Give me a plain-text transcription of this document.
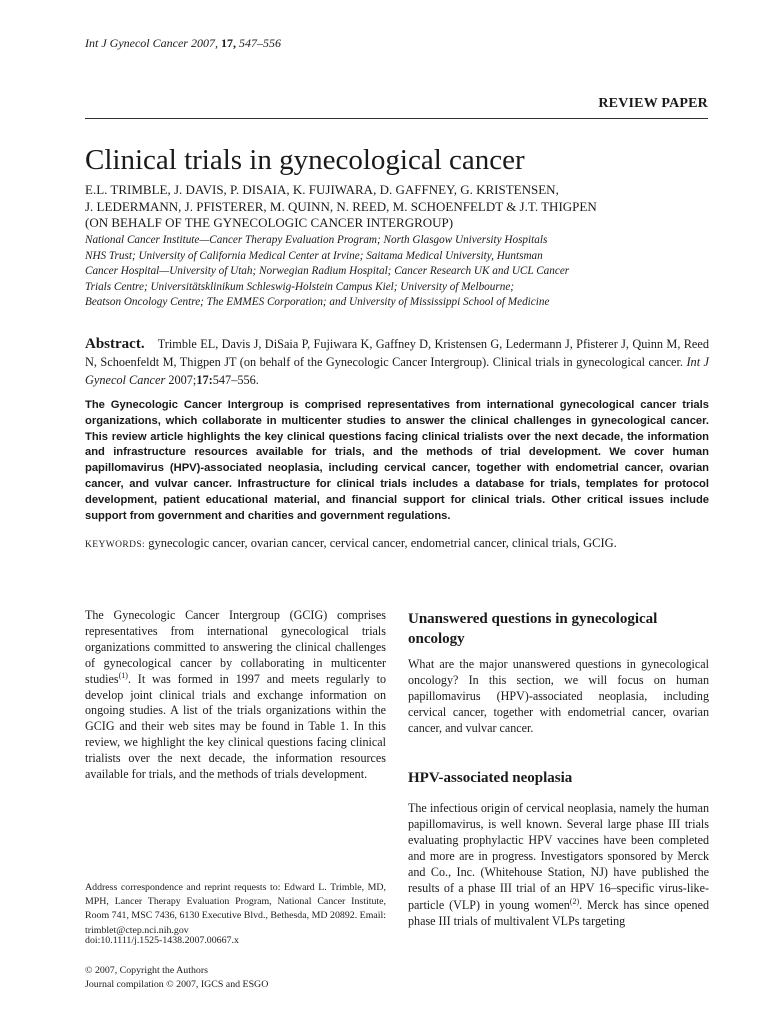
Int J Gynecol Cancer 2007, 17, 547–556
REVIEW PAPER
Clinical trials in gynecological cancer
E.L. TRIMBLE, J. DAVIS, P. DISAIA, K. FUJIWARA, D. GAFFNEY, G. KRISTENSEN,
J. LEDERMANN, J. PFISTERER, M. QUINN, N. REED, M. SCHOENFELDT & J.T. THIGPEN
(ON BEHALF OF THE GYNECOLOGIC CANCER INTERGROUP)
National Cancer Institute—Cancer Therapy Evaluation Program; North Glasgow University Hospitals
NHS Trust; University of California Medical Center at Irvine; Saitama Medical University, Huntsman
Cancer Hospital—University of Utah; Norwegian Radium Hospital; Cancer Research UK and UCL Cancer
Trials Centre; Universitätsklinikum Schleswig-Holstein Campus Kiel; University of Melbourne;
Beatson Oncology Centre; The EMMES Corporation; and University of Mississippi School of Medicine
Abstract. Trimble EL, Davis J, DiSaia P, Fujiwara K, Gaffney D, Kristensen G, Ledermann J, Pfisterer J, Quinn M, Reed N, Schoenfeldt M, Thigpen JT (on behalf of the Gynecologic Cancer Intergroup). Clinical trials in gynecological cancer. Int J Gynecol Cancer 2007;17:547–556.
The Gynecologic Cancer Intergroup is comprised representatives from international gynecological cancer trials organizations, which collaborate in multicenter studies to answer the clinical challenges in gynecological cancer. This review article highlights the key clinical questions facing clinical trialists over the next decade, the information and infrastructure resources available for trials, and the methods of trial development. We cover human papillomavirus (HPV)-associated neoplasia, including cervical cancer, together with endometrial cancer, ovarian cancer, and vulvar cancer. Infrastructure for clinical trials includes a database for trials, templates for protocol development, patient educational material, and financial support for clinical trials. Other critical issues include support from government and charities and government regulations.
KEYWORDS: gynecologic cancer, ovarian cancer, cervical cancer, endometrial cancer, clinical trials, GCIG.
The Gynecologic Cancer Intergroup (GCIG) comprises representatives from international gynecological trials organizations committed to answering the clinical challenges of gynecological cancer by collaborating in multicenter studies$^{(1)}$. It was formed in 1997 and meets regularly to develop joint clinical trials and exchange information on ongoing studies. A list of the trials organizations within the GCIG and their web sites may be found in Table 1. In this review, we highlight the key clinical questions facing clinical trialists over the next decade, the information resources available for trials, and the methods of trials development.
Address correspondence and reprint requests to: Edward L. Trimble, MD, MPH, Lancer Therapy Evaluation Program, National Cancer Institute, Room 741, MSC 7436, 6130 Executive Blvd., Bethesda, MD 20892. Email: trimblet@ctep.nci.nih.gov
doi:10.1111/j.1525-1438.2007.00667.x
© 2007, Copyright the Authors
Journal compilation © 2007, IGCS and ESGO
Unanswered questions in gynecological oncology
What are the major unanswered questions in gynecological oncology? In this section, we will focus on human papillomavirus (HPV)-associated neoplasia, including cervical cancer, together with endometrial cancer, ovarian cancer, and vulvar cancer.
HPV-associated neoplasia
The infectious origin of cervical neoplasia, namely the human papillomavirus, is well known. Several large phase III trials evaluating prophylactic HPV vaccines have been completed and more are in progress. Investigators sponsored by Merck and Co., Inc. (Whitehouse Station, NJ) have published the results of a phase III trial of an HPV 16–specific virus-like-particle (VLP) in young women$^{(2)}$. Merck has since opened phase III trials of multivalent VLPs targeting
